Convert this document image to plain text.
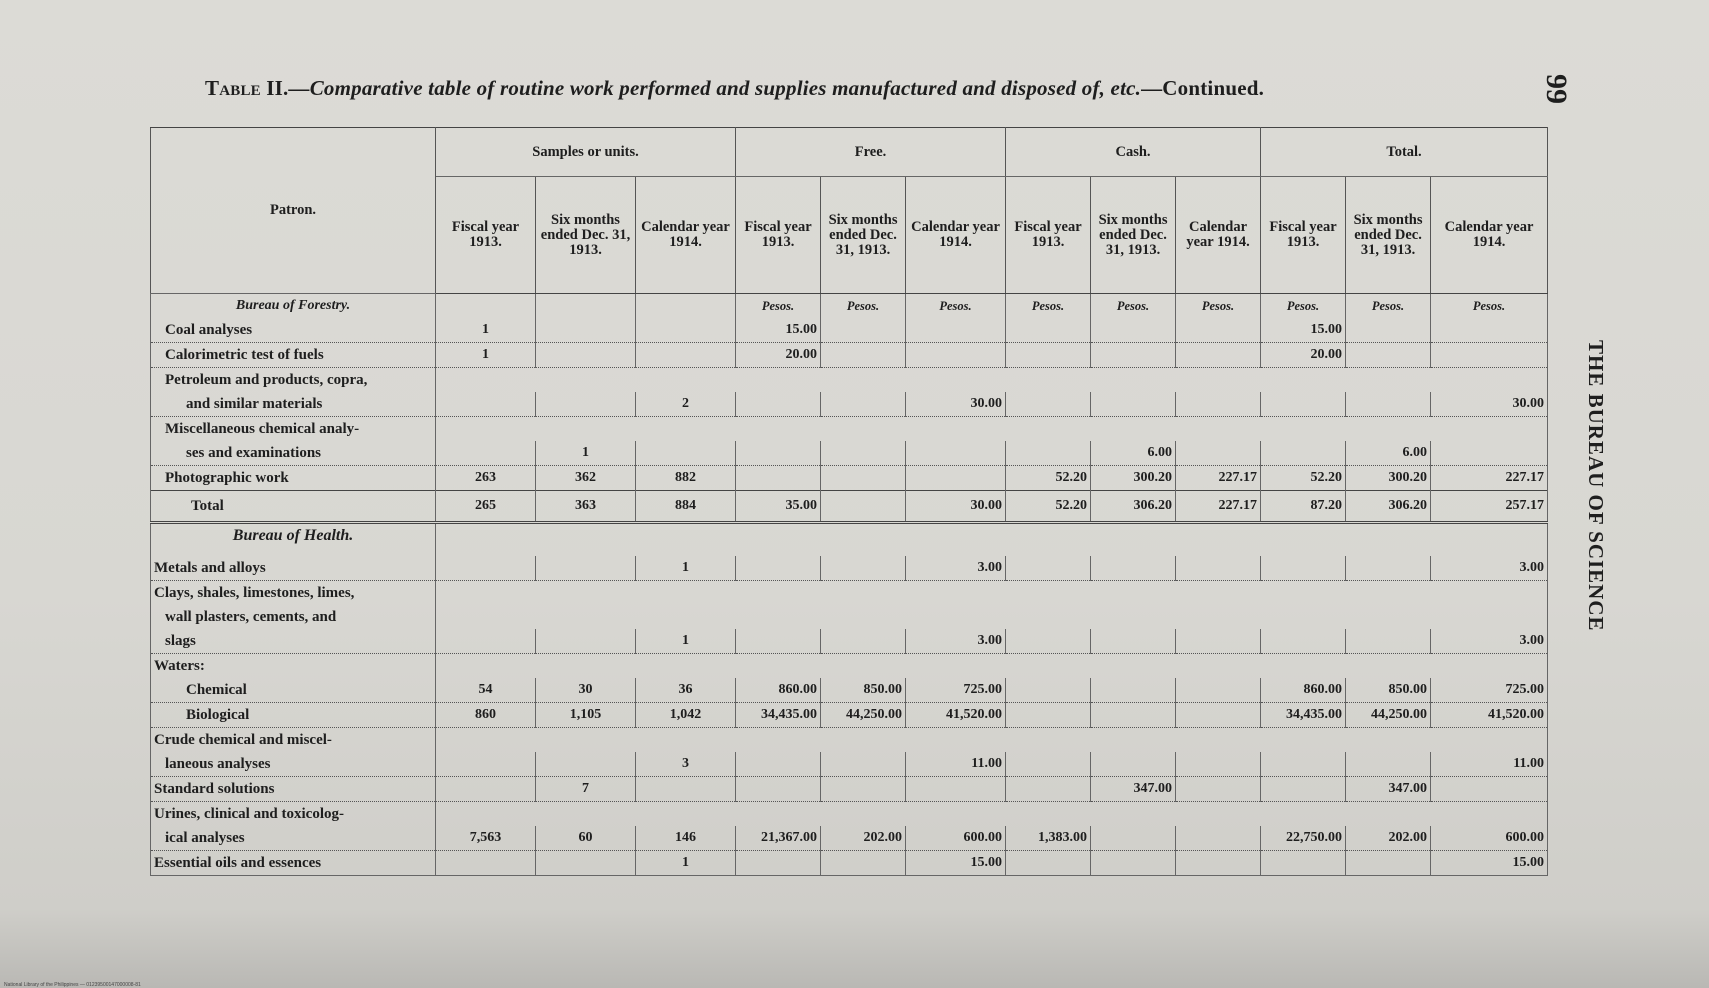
Table II.—Comparative table of routine work performed and supplies manufactured and disposed of, etc.—Continued.	99
THE BUREAU OF SCIENCE
Patron.	Samples or units.			Free.			Cash.			Total.		
	Fiscal year 1913.	Six months ended Dec. 31, 1913.	Calendar year 1914.	Fiscal year 1913.	Six months ended Dec. 31, 1913.	Calendar year 1914.	Fiscal year 1913.	Six months ended Dec. 31, 1913.	Calendar year 1914.	Fiscal year 1913.	Six months ended Dec. 31, 1913.	Calendar year 1914.
Bureau of Forestry.				Pesos.	Pesos.	Pesos.	Pesos.	Pesos.	Pesos.	Pesos.	Pesos.	Pesos.
Coal analyses	1			15.00						15.00		
Calorimetric test of fuels	1			20.00						20.00		
Petroleum and products, copra,												
and similar materials			2			30.00						30.00
Miscellaneous chemical analy-												
ses and examinations		1						6.00			6.00	
Photographic work	263	362	882				52.20	300.20	227.17	52.20	300.20	227.17
Total	265	363	884	35.00		30.00	52.20	306.20	227.17	87.20	306.20	257.17
Bureau of Health.												

Metals and alloys			1			3.00						3.00
Clays, shales, limestones, limes,												
wall plasters, cements, and												
slags			1			3.00						3.00
Waters:												
Chemical	54	30	36	860.00	850.00	725.00				860.00	850.00	725.00
Biological	860	1,105	1,042	34,435.00	44,250.00	41,520.00				34,435.00	44,250.00	41,520.00
Crude chemical and miscel-												
laneous analyses			3			11.00						11.00
Standard solutions		7						347.00			347.00	
Urines, clinical and toxicolog-												
ical analyses	7,563	60	146	21,367.00	202.00	600.00	1,383.00			22,750.00	202.00	600.00
Essential oils and essences			1			15.00						15.00
National Library of the Philippines — 01239500147000008-81
